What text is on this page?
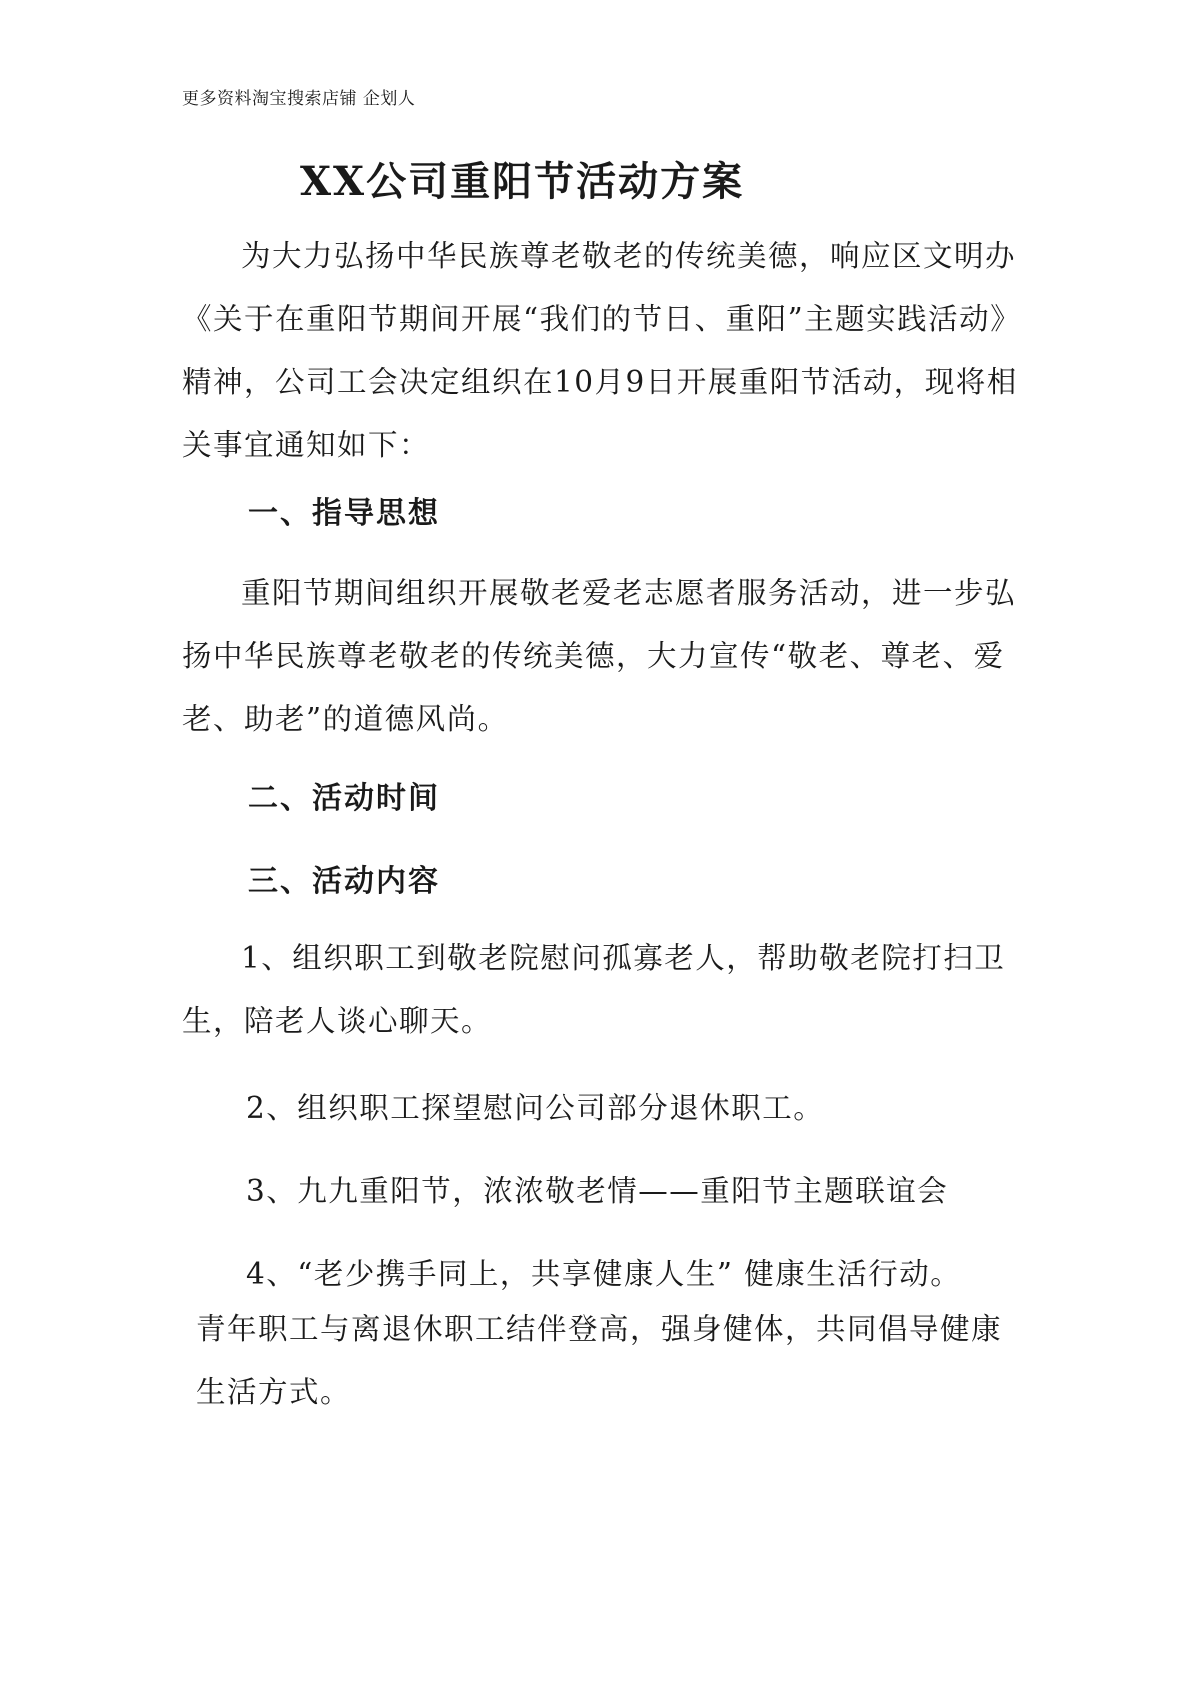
更多资料淘宝搜索店铺 企划人
XX公司重阳节活动方案

为大力弘扬中华民族尊老敬老的传统美德，响应区文明办《关于在重阳节期间开展“我们的节日、重阳”主题实践活动》精神，公司工会决定组织在10月9日开展重阳节活动，现将相关事宜通知如下：

一、指导思想

重阳节期间组织开展敬老爱老志愿者服务活动，进一步弘扬中华民族尊老敬老的传统美德，大力宣传“敬老、尊老、爱老、助老”的道德风尚。

二、活动时间
三、活动内容

1、组织职工到敬老院慰问孤寡老人，帮助敬老院打扫卫生，陪老人谈心聊天。

2、组织职工探望慰问公司部分退休职工。
3、九九重阳节，浓浓敬老情——重阳节主题联谊会
4、“老少携手同上，共享健康人生” 健康生活行动。

青年职工与离退休职工结伴登高，强身健体，共同倡导健康生活方式。
